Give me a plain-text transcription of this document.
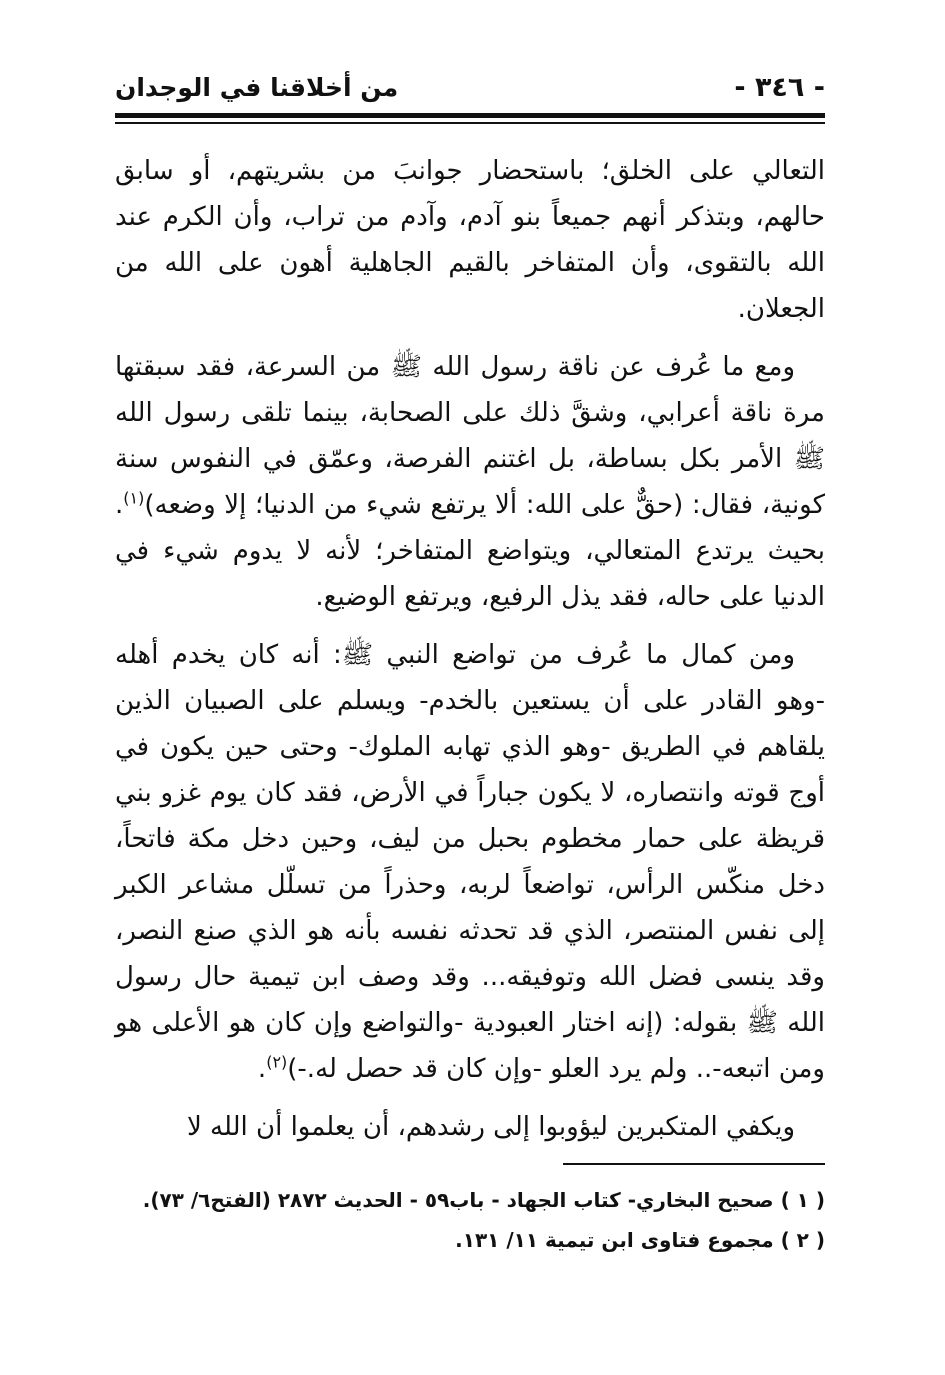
- ٣٤٦ -
من أخلاقنا في الوجدان

التعالي على الخلق؛ باستحضار جوانبَ من بشريتهم، أو سابق حالهم، وبتذكر أنهم جميعاً بنو آدم، وآدم من تراب، وأن الكرم عند الله بالتقوى، وأن المتفاخر بالقيم الجاهلية أهون على الله من الجعلان.

ومع ما عُرف عن ناقة رسول الله ﷺ من السرعة، فقد سبقتها مرة ناقة أعرابي، وشقَّ ذلك على الصحابة، بينما تلقى رسول الله ﷺ الأمر بكل بساطة، بل اغتنم الفرصة، وعمّق في النفوس سنة كونية، فقال: (حقٌّ على الله: ألا يرتفع شيء من الدنيا؛ إلا وضعه)$^{(١)}$. بحيث يرتدع المتعالي، ويتواضع المتفاخر؛ لأنه لا يدوم شيء في الدنيا على حاله، فقد يذل الرفيع، ويرتفع الوضيع.

ومن كمال ما عُرف من تواضع النبي ﷺ: أنه كان يخدم أهله -وهو القادر على أن يستعين بالخدم- ويسلم على الصبيان الذين يلقاهم في الطريق -وهو الذي تهابه الملوك- وحتى حين يكون في أوج قوته وانتصاره، لا يكون جباراً في الأرض، فقد كان يوم غزو بني قريظة على حمار مخطوم بحبل من ليف، وحين دخل مكة فاتحاً، دخل منكّس الرأس، تواضعاً لربه، وحذراً من تسلّل مشاعر الكبر إلى نفس المنتصر، الذي قد تحدثه نفسه بأنه هو الذي صنع النصر، وقد ينسى فضل الله وتوفيقه... وقد وصف ابن تيمية حال رسول الله ﷺ بقوله: (إنه اختار العبودية -والتواضع وإن كان هو الأعلى هو ومن اتبعه-.. ولم يرد العلو -وإن كان قد حصل له.-)$^{(٢)}$.

ويكفي المتكبرين ليؤوبوا إلى رشدهم، أن يعلموا أن الله لا

( ١ ) صحيح البخاري- كتاب الجهاد - باب٥٩ - الحديث ٢٨٧٢ (الفتح٦/ ٧٣).

( ٢ ) مجموع فتاوى ابن تيمية ١١/ ١٣١.
